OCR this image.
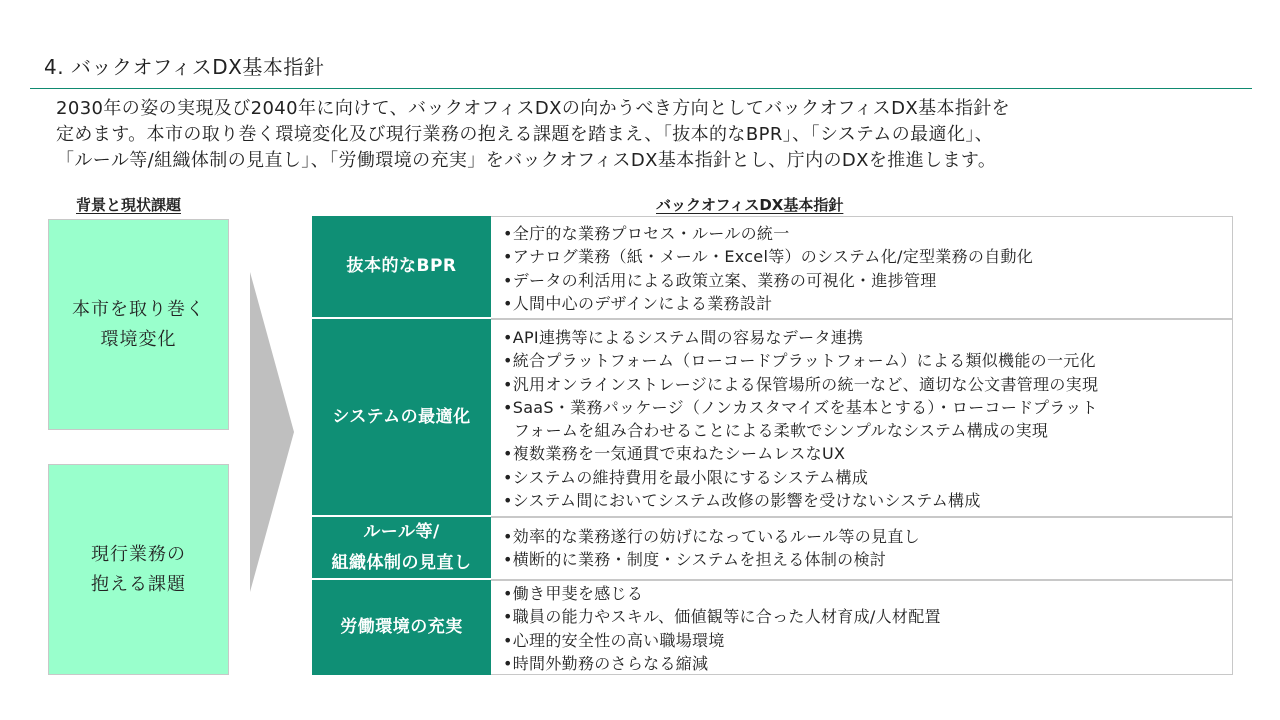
4. バックオフィスDX基本指針
2030年の姿の実現及び2040年に向けて、バックオフィスDXの向かうべき方向としてバックオフィスDX基本指針を
定めます。本市の取り巻く環境変化及び現行業務の抱える課題を踏まえ、「抜本的なBPR」、「システムの最適化」、
「ルール等/組織体制の見直し」、「労働環境の充実」をバックオフィスDX基本指針とし、庁内のDXを推進します。
背景と現状課題	バックオフィスDX基本指針
本市を取り巻く
環境変化
現行業務の
抱える課題
抜本的なBPR
•全庁的な業務プロセス・ルールの統一
•アナログ業務（紙・メール・Excel等）のシステム化/定型業務の自動化
•データの利活用による政策立案、業務の可視化・進捗管理
•人間中心のデザインによる業務設計
システムの最適化
•API連携等によるシステム間の容易なデータ連携
•統合プラットフォーム（ローコードプラットフォーム）による類似機能の一元化
•汎用オンラインストレージによる保管場所の統一など、適切な公文書管理の実現
•SaaS・業務パッケージ（ノンカスタマイズを基本とする）・ローコードプラット
フォームを組み合わせることによる柔軟でシンプルなシステム構成の実現
•複数業務を一気通貫で束ねたシームレスなUX
•システムの維持費用を最小限にするシステム構成
•システム間においてシステム改修の影響を受けないシステム構成
ルール等/
組織体制の見直し
•効率的な業務遂行の妨げになっているルール等の見直し
•横断的に業務・制度・システムを担える体制の検討
労働環境の充実
•働き甲斐を感じる
•職員の能力やスキル、価値観等に合った人材育成/人材配置
•心理的安全性の高い職場環境
•時間外勤務のさらなる縮減
